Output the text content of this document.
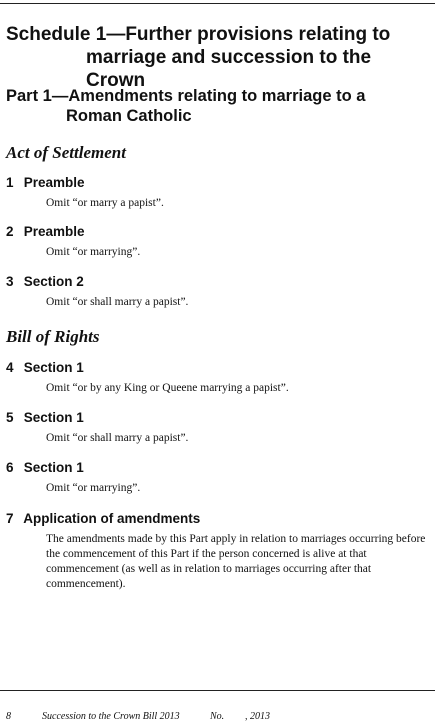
Schedule 1—Further provisions relating to
marriage and succession to the Crown
Part 1—Amendments relating to marriage to a
Roman Catholic
Act of Settlement
1 Preamble
Omit “or marry a papist”.
2 Preamble
Omit “or marrying”.
3 Section 2
Omit “or shall marry a papist”.
Bill of Rights
4 Section 1
Omit “or by any King or Queene marrying a papist”.
5 Section 1
Omit “or shall marry a papist”.
6 Section 1
Omit “or marrying”.
7 Application of amendments
The amendments made by this Part apply in relation to marriages occurring before the commencement of this Part if the person concerned is alive at that commencement (as well as in relation to marriages occurring after that commencement).
8	Succession to the Crown Bill 2013	No. , 2013
